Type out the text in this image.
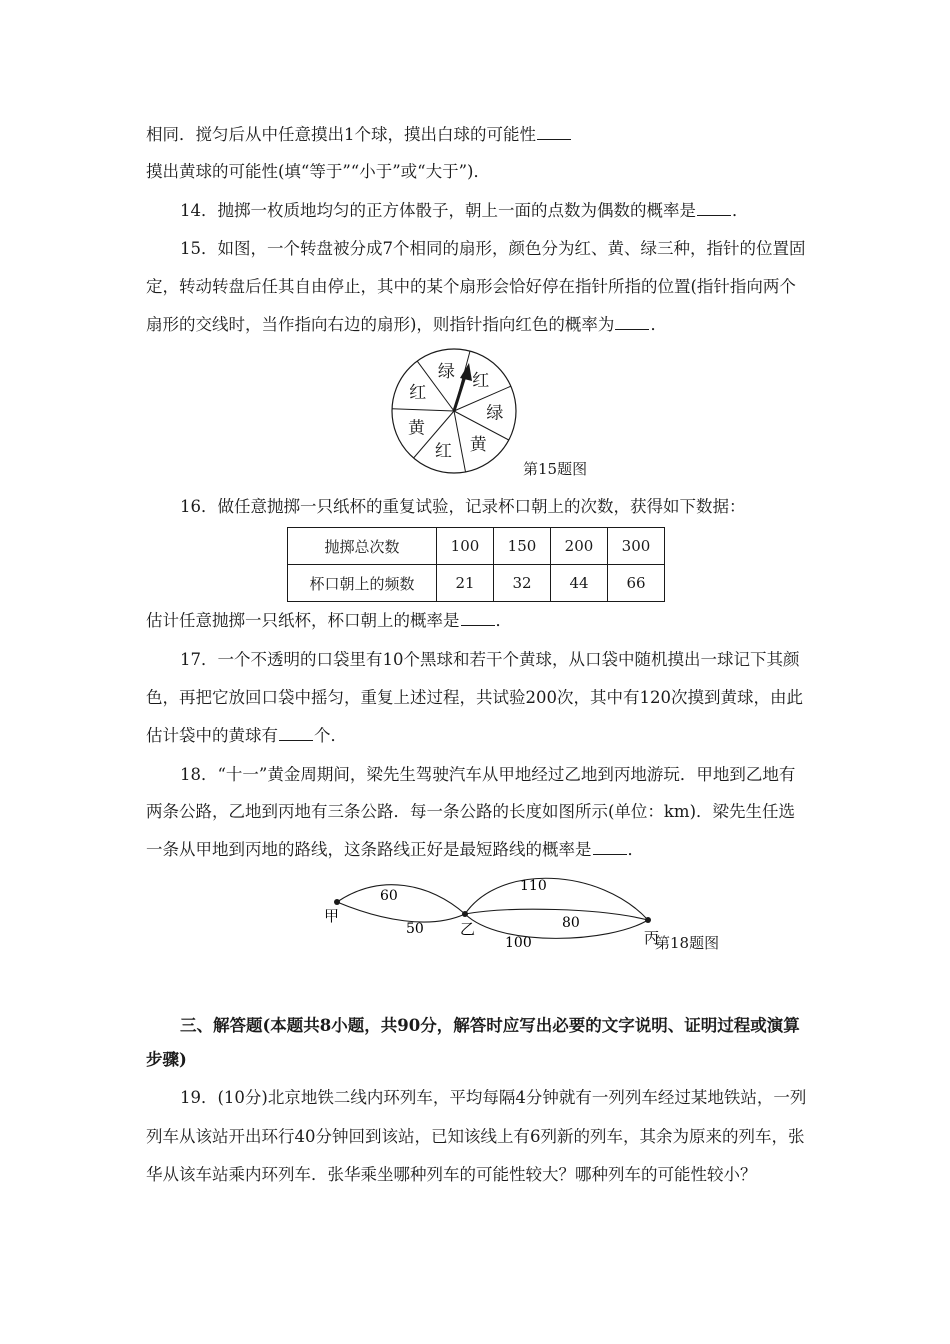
相同．搅匀后从中任意摸出1个球，摸出白球的可能性
摸出黄球的可能性(填“等于”“小于”或“大于”)．
14．抛掷一枚质地均匀的正方体骰子，朝上一面的点数为偶数的概率是 ．
15．如图，一个转盘被分成7个相同的扇形，颜色分为红、黄、绿三种，指针的位置固
定，转动转盘后任其自由停止，其中的某个扇形会恰好停在指针所指的位置(指针指向两个
扇形的交线时，当作指向右边的扇形)，则指针指向红色的概率为 ．
红
绿
黄
红
黄
红
绿
第15题图
16．做任意抛掷一只纸杯的重复试验，记录杯口朝上的次数，获得如下数据：
抛掷总次数	100	150	200	300
杯口朝上的频数	21	32	44	66
估计任意抛掷一只纸杯，杯口朝上的概率是 ．
17．一个不透明的口袋里有10个黑球和若干个黄球，从口袋中随机摸出一球记下其颜
色，再把它放回口袋中摇匀，重复上述过程，共试验200次，其中有120次摸到黄球，由此
估计袋中的黄球有 个．
18．“十一”黄金周期间，梁先生驾驶汽车从甲地经过乙地到丙地游玩．甲地到乙地有
两条公路，乙地到丙地有三条公路．每一条公路的长度如图所示(单位：km)．梁先生任选
一条从甲地到丙地的路线，这条路线正好是最短路线的概率是 ．
甲
乙	丙
60
50
110
80
100	第18题图
三、解答题(本题共8小题，共90分，解答时应写出必要的文字说明、证明过程或演算
步骤)
19．(10分)北京地铁二线内环列车，平均每隔4分钟就有一列列车经过某地铁站，一列
列车从该站开出环行40分钟回到该站，已知该线上有6列新的列车，其余为原来的列车，张
华从该车站乘内环列车．张华乘坐哪种列车的可能性较大？哪种列车的可能性较小？
